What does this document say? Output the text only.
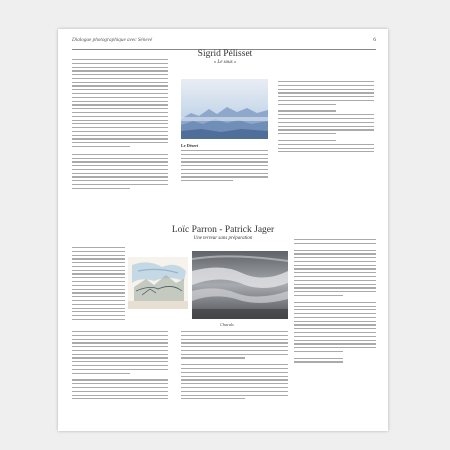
Dialogue photographique avec Sénevé	6
Sigrid Pélisset
« Le sous »
Le Désert
Loïc Parron - Patrick Jager
Une terreur sans préparation
Chacals
